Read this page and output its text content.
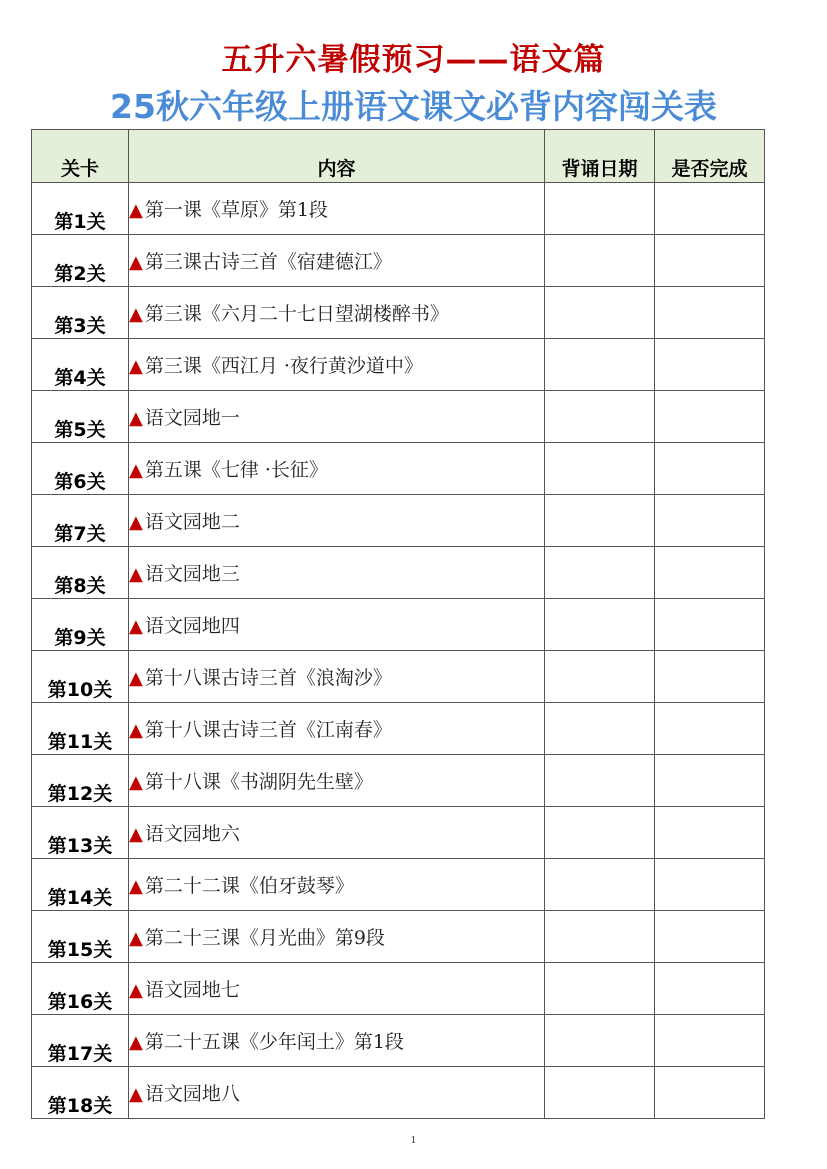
五升六暑假预习——语文篇
25秋六年级上册语文课文必背内容闯关表
关卡	内容	背诵日期	是否完成
第1关	▲ 第一课《草原》第1段		
第2关	▲ 第三课古诗三首《宿建德江》		
第3关	▲ 第三课《六月二十七日望湖楼醉书》		
第4关	▲ 第三课《西江月 ·夜行黄沙道中》		
第5关	▲ 语文园地一		
第6关	▲ 第五课《七律 ·长征》		
第7关	▲ 语文园地二		
第8关	▲ 语文园地三		
第9关	▲ 语文园地四		
第10关	▲ 第十八课古诗三首《浪淘沙》		
第11关	▲ 第十八课古诗三首《江南春》		
第12关	▲ 第十八课《书湖阴先生壁》		
第13关	▲ 语文园地六		
第14关	▲ 第二十二课《伯牙鼓琴》		
第15关	▲ 第二十三课《月光曲》第9段		
第16关	▲ 语文园地七		
第17关	▲ 第二十五课《少年闰土》第1段		
第18关	▲ 语文园地八		
1
